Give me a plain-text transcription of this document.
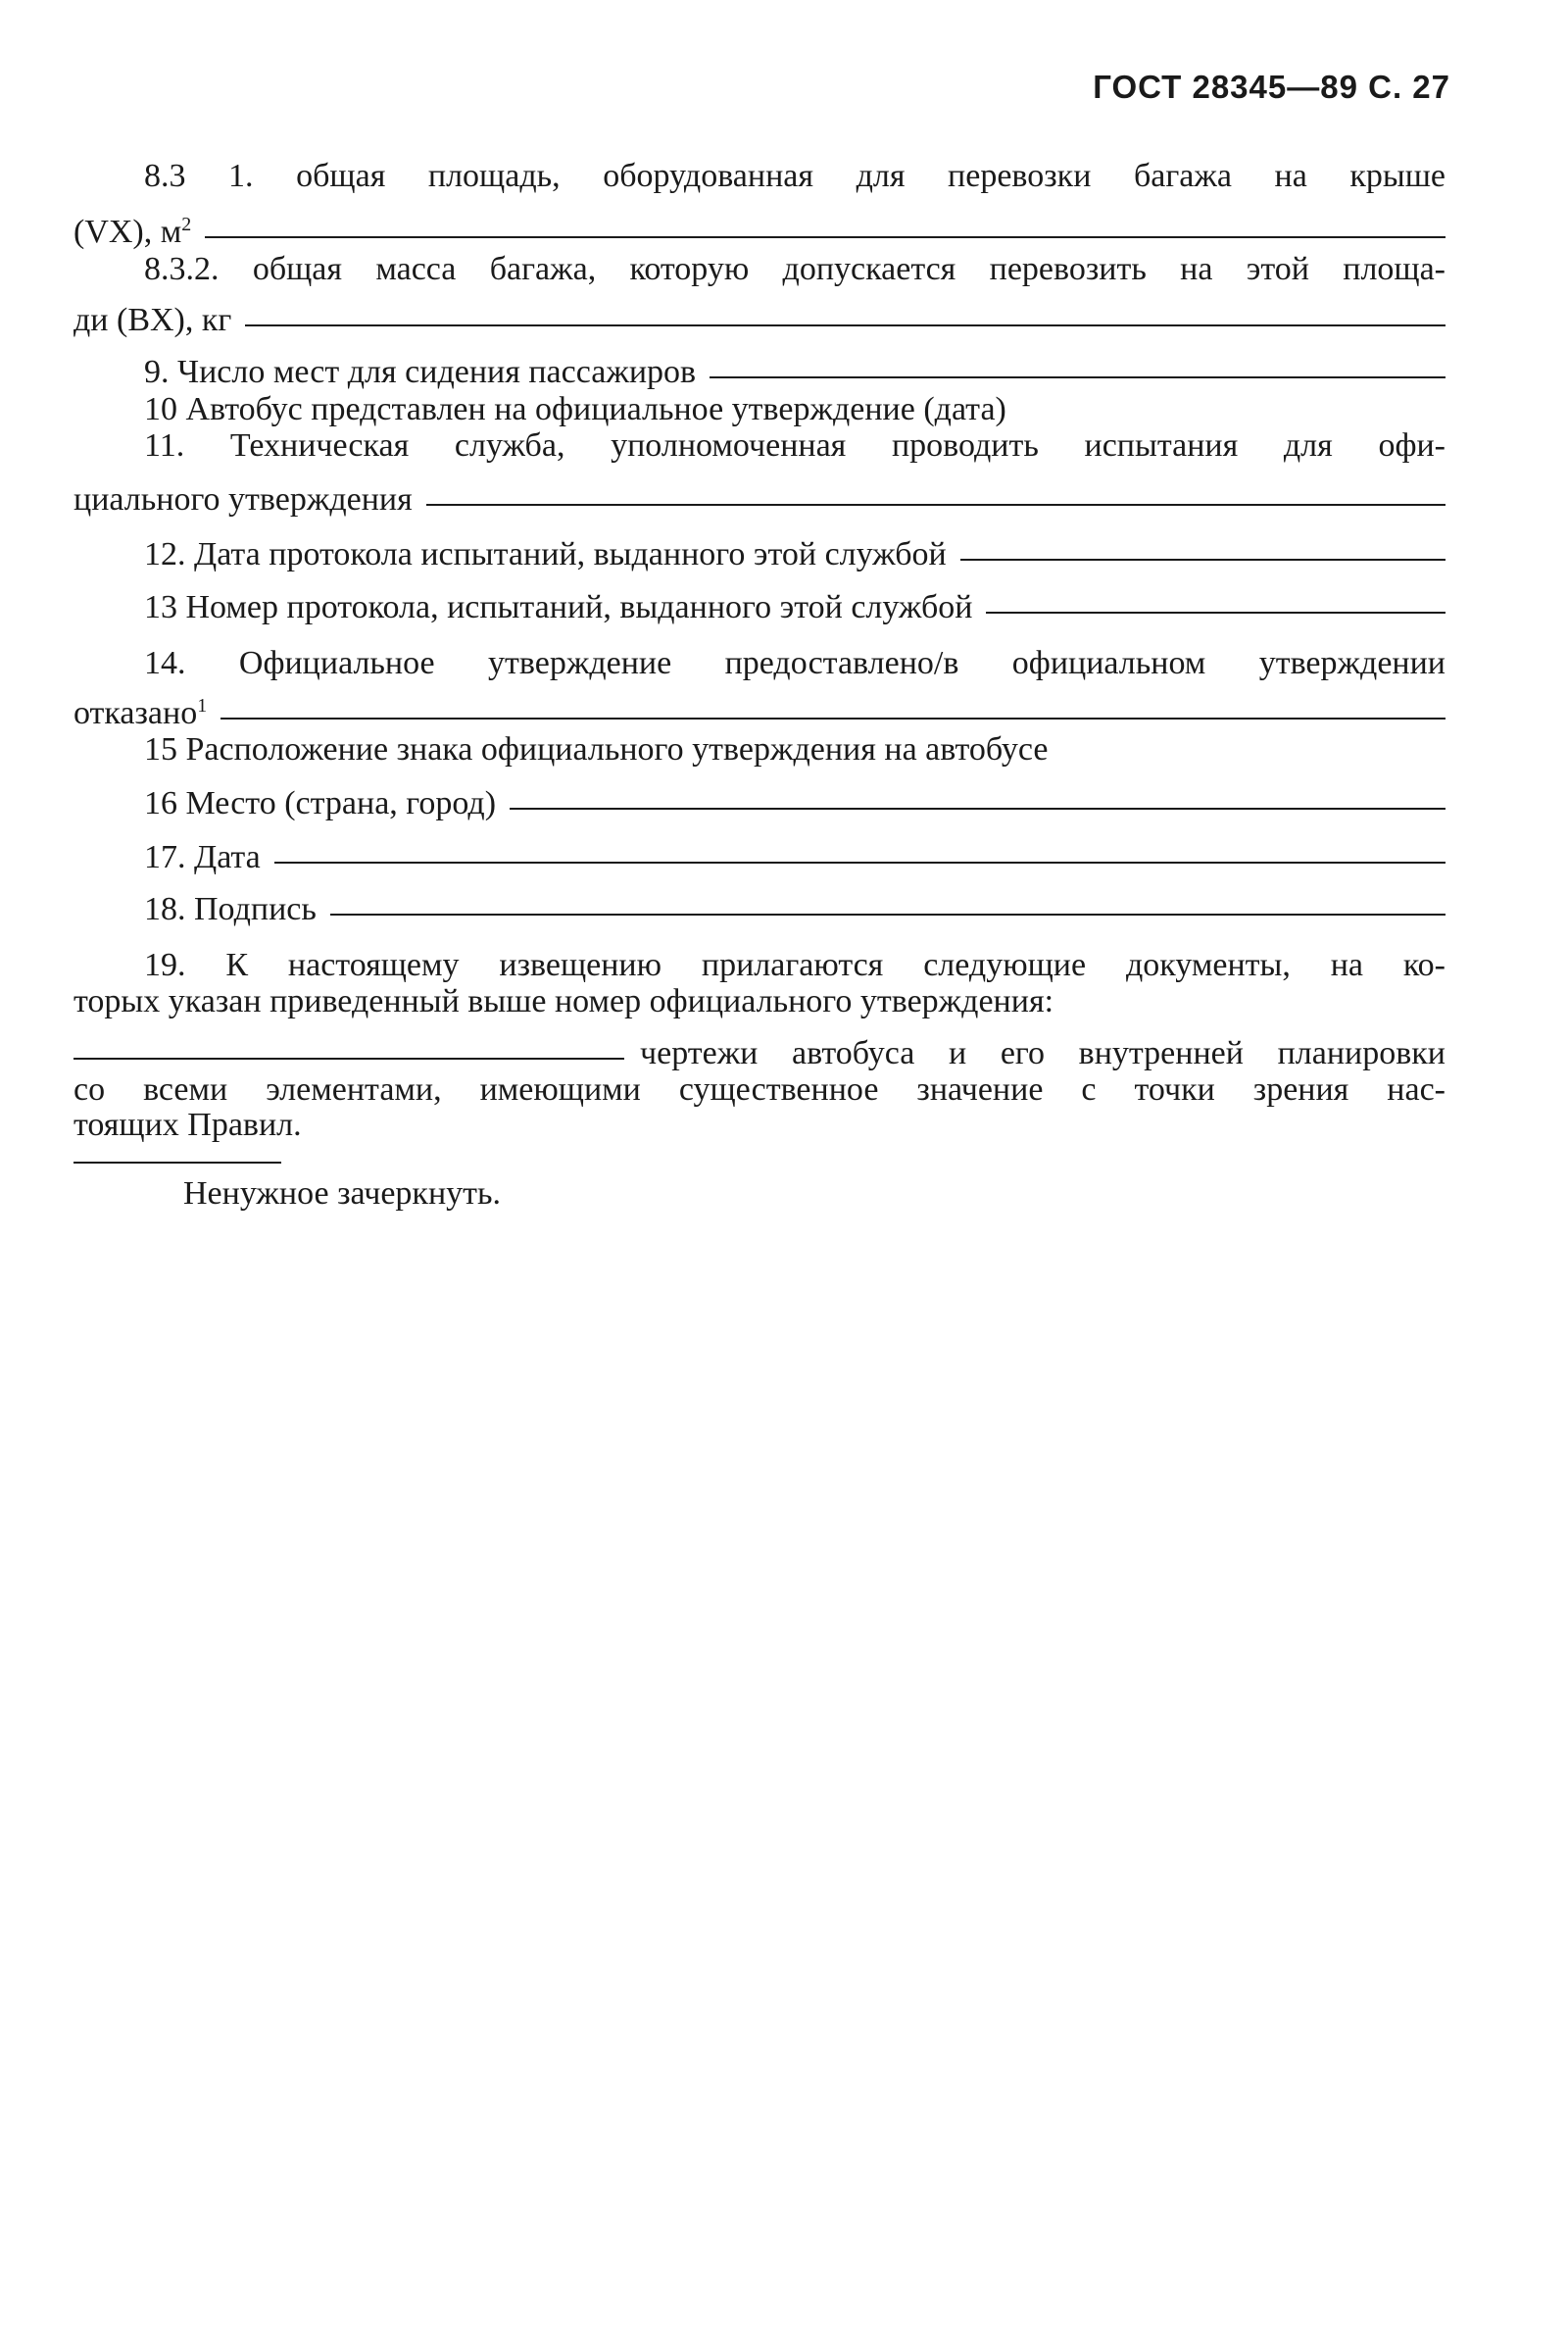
ГОСТ 28345—89 С. 27
8.3 1. общая площадь, оборудованная для перевозки багажа на крыше
(VX), $м^2$
8.3.2. общая масса багажа, которую допускается перевозить на этой площа-
ди (BX), кг
9. Число мест для сидения пассажиров
10 Автобус представлен на официальное утверждение (дата)
11. Техническая служба, уполномоченная проводить испытания для офи-
циального утверждения
12. Дата протокола испытаний, выданного этой службой
13 Номер протокола, испытаний, выданного этой службой
14. Официальное утверждение предоставлено/в официальном утверждении
отказано$^1$
15 Расположение знака официального утверждения на автобусе
16 Место (страна, город)
17. Дата
18. Подпись
19. К настоящему извещению прилагаются следующие документы, на ко-
торых указан приведенный выше номер официального утверждения:
чертежи автобуса и его внутренней планировки
со всеми элементами, имеющими существенное значение с точки зрения нас-
тоящих Правил.
Ненужное зачеркнуть.
